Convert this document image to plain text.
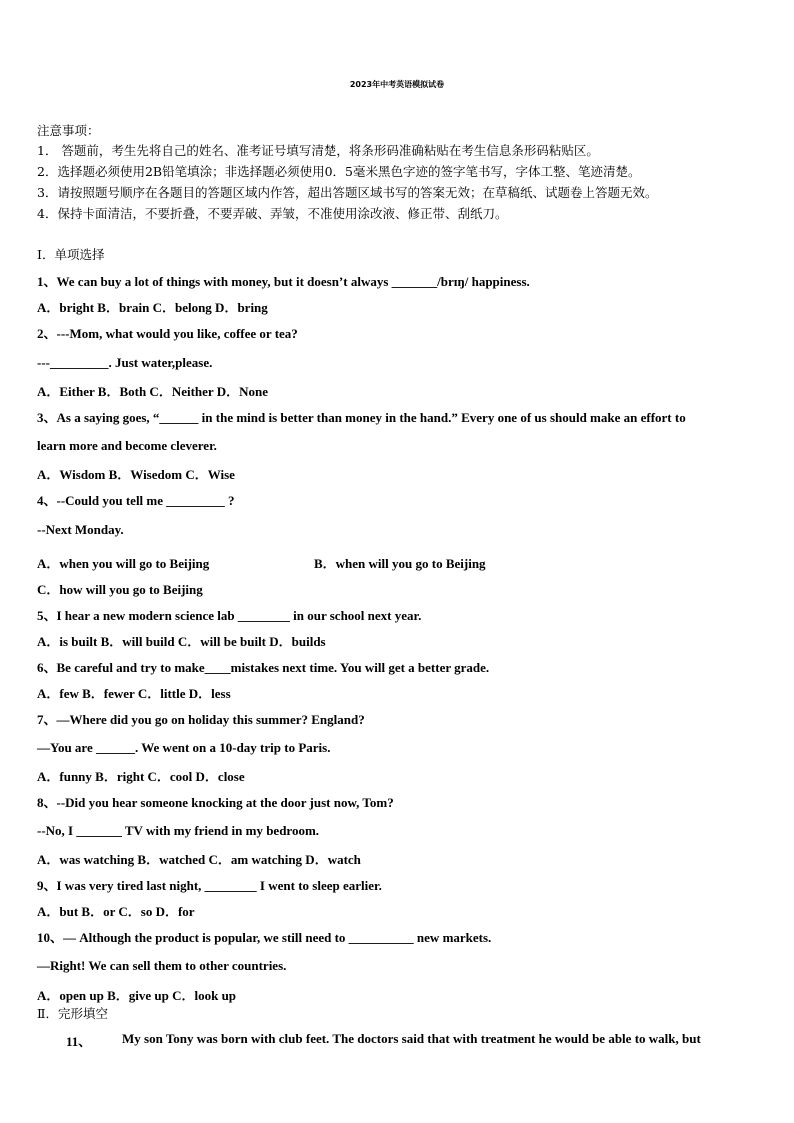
2023年中考英语模拟试卷
注意事项：
1． 答题前，考生先将自己的姓名、准考证号填写清楚，将条形码准确粘贴在考生信息条形码粘贴区。
2．选择题必须使用2B铅笔填涂；非选择题必须使用0．5毫米黑色字迹的签字笔书写，字体工整、笔迹清楚。
3．请按照题号顺序在各题目的答题区域内作答，超出答题区域书写的答案无效；在草稿纸、试题卷上答题无效。
4．保持卡面清洁，不要折叠，不要弄破、弄皱，不准使用涂改液、修正带、刮纸刀。
Ⅰ．单项选择
1、We can buy a lot of things with money, but it doesn’t always _______/brɪŋ/ happiness.
A．bright B．brain C．belong D．bring
2、---Mom, what would you like, coffee or tea?
---_________. Just water,please.
A．Either B．Both C．Neither D．None
3、As a saying goes, “______ in the mind is better than money in the hand.” Every one of us should make an effort to
learn more and become cleverer.
A．Wisdom B．Wisedom C．Wise
4、--Could you tell me _________ ?
--Next Monday.
A．when you will go to Beijing	B．when will you go to Beijing
C．how will you go to Beijing
5、I hear a new modern science lab ________ in our school next year.
A．is built B．will build C．will be built D．builds
6、Be careful and try to make____mistakes next time. You will get a better grade.
A．few B．fewer C．little D．less
7、—Where did you go on holiday this summer? England?
—You are ______. We went on a 10-day trip to Paris.
A．funny B．right C．cool D．close
8、--Did you hear someone knocking at the door just now, Tom?
--No, I _______ TV with my friend in my bedroom.
A．was watching B．watched C．am watching D．watch
9、I was very tired last night, ________ I went to sleep earlier.
A．but B．or C．so D．for
10、— Although the product is popular, we still need to __________ new markets.
—Right! We can sell them to other countries.
A．open up B．give up C．look up
Ⅱ．完形填空
11、 My son Tony was born with club feet. The doctors said that with treatment he would be able to walk, but
